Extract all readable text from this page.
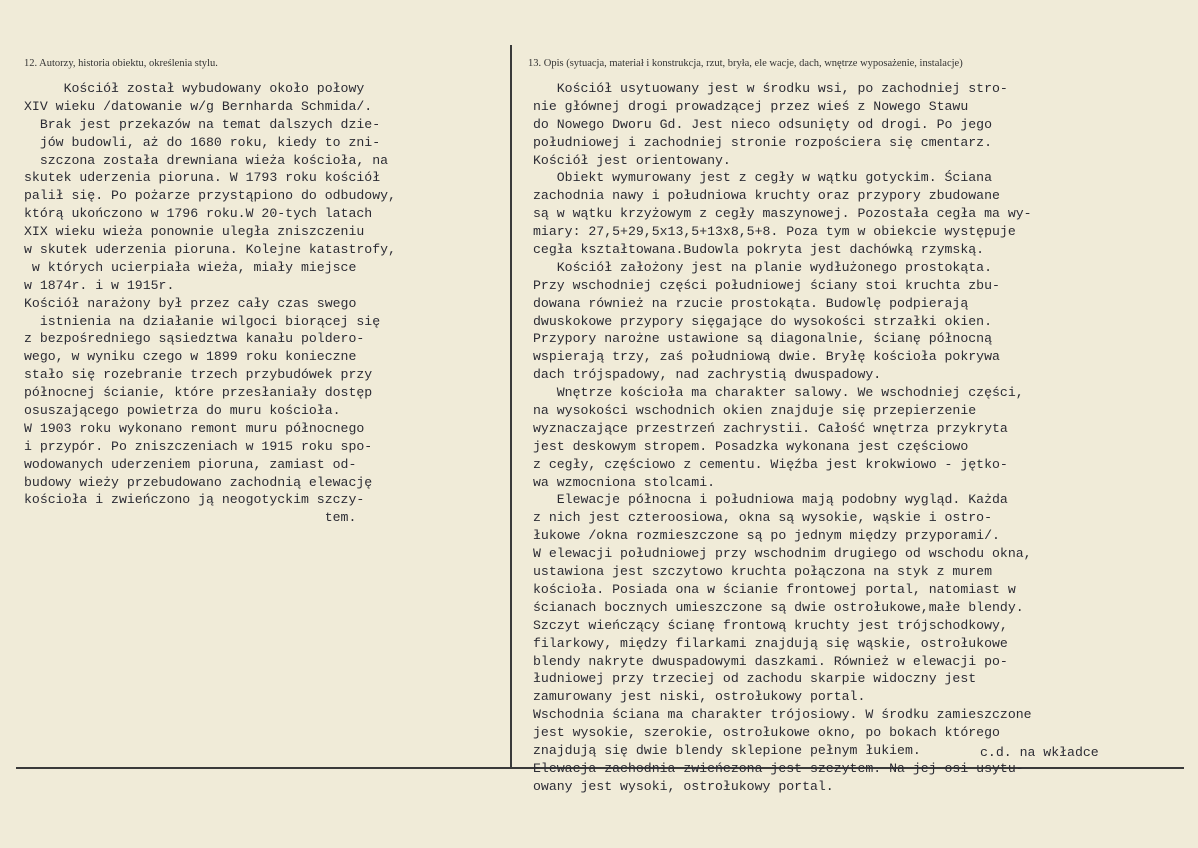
12. Autorzy, historia obiektu, określenia stylu.	13. Opis (sytuacja, materiał i konstrukcja, rzut, bryła, ele wacje, dach, wnętrze wyposażenie, instalacje)
Kościół został wybudowany około połowy
XIV wieku /datowanie w/g Bernharda Schmida/.
Brak jest przekazów na temat dalszych dzie-
jów budowli, aż do 1680 roku, kiedy to zni-
szczona została drewniana wieża kościoła, na
skutek uderzenia pioruna. W 1793 roku kościół
palił się. Po pożarze przystąpiono do odbudowy,
którą ukończono w 1796 roku.W 20-tych latach
XIX wieku wieża ponownie uległa zniszczeniu
w skutek uderzenia pioruna. Kolejne katastrofy,
w których ucierpiała wieża, miały miejsce
w 1874r. i w 1915r.
Kościół narażony był przez cały czas swego
istnienia na działanie wilgoci biorącej się
z bezpośredniego sąsiedztwa kanału poldero-
wego, w wyniku czego w 1899 roku konieczne
stało się rozebranie trzech przybudówek przy
północnej ścianie, które przesłaniały dostęp
osuszającego powietrza do muru kościoła.
W 1903 roku wykonano remont muru północnego
i przypór. Po zniszczeniach w 1915 roku spo-
wodowanych uderzeniem pioruna, zamiast od-
budowy wieży przebudowano zachodnią elewację
kościoła i zwieńczono ją neogotyckim szczy-
tem.
Kościół usytuowany jest w środku wsi, po zachodniej stro-
nie głównej drogi prowadzącej przez wieś z Nowego Stawu
do Nowego Dworu Gd. Jest nieco odsunięty od drogi. Po jego
południowej i zachodniej stronie rozpościera się cmentarz.
Kościół jest orientowany.
Obiekt wymurowany jest z cegły w wątku gotyckim. Ściana
zachodnia nawy i południowa kruchty oraz przypory zbudowane
są w wątku krzyżowym z cegły maszynowej. Pozostała cegła ma wy-
miary: 27,5+29,5x13,5+13x8,5+8. Poza tym w obiekcie występuje
cegła kształtowana.Budowla pokryta jest dachówką rzymską.
Kościół założony jest na planie wydłużonego prostokąta.
Przy wschodniej części południowej ściany stoi kruchta zbu-
dowana również na rzucie prostokąta. Budowlę podpierają
dwuskokowe przypory sięgające do wysokości strzałki okien.
Przypory narożne ustawione są diagonalnie, ścianę północną
wspierają trzy, zaś południową dwie. Bryłę kościoła pokrywa
dach trójspadowy, nad zachrystią dwuspadowy.
Wnętrze kościoła ma charakter salowy. We wschodniej części,
na wysokości wschodnich okien znajduje się przepierzenie
wyznaczające przestrzeń zachrystii. Całość wnętrza przykryta
jest deskowym stropem. Posadzka wykonana jest częściowo
z cegły, częściowo z cementu. Więźba jest krokwiowo - jętko-
wa wzmocniona stolcami.
Elewacje północna i południowa mają podobny wygląd. Każda
z nich jest czteroosiowa, okna są wysokie, wąskie i ostro-
łukowe /okna rozmieszczone są po jednym między przyporami/.
W elewacji południowej przy wschodnim drugiego od wschodu okna,
ustawiona jest szczytowo kruchta połączona na styk z murem
kościoła. Posiada ona w ścianie frontowej portal, natomiast w
ścianach bocznych umieszczone są dwie ostrołukowe,małe blendy.
Szczyt wieńczący ścianę frontową kruchty jest trójschodkowy,
filarkowy, między filarkami znajdują się wąskie, ostrołukowe
blendy nakryte dwuspadowymi daszkami. Również w elewacji po-
łudniowej przy trzeciej od zachodu skarpie widoczny jest
zamurowany jest niski, ostrołukowy portal.
Wschodnia ściana ma charakter trójosiowy. W środku zamieszczone
jest wysokie, szerokie, ostrołukowe okno, po bokach którego
znajdują się dwie blendy sklepione pełnym łukiem.
Elewacja zachodnia zwieńczona jest szczytem. Na jej osi usytu-
owany jest wysoki, ostrołukowy portal.
c.d. na wkładce
